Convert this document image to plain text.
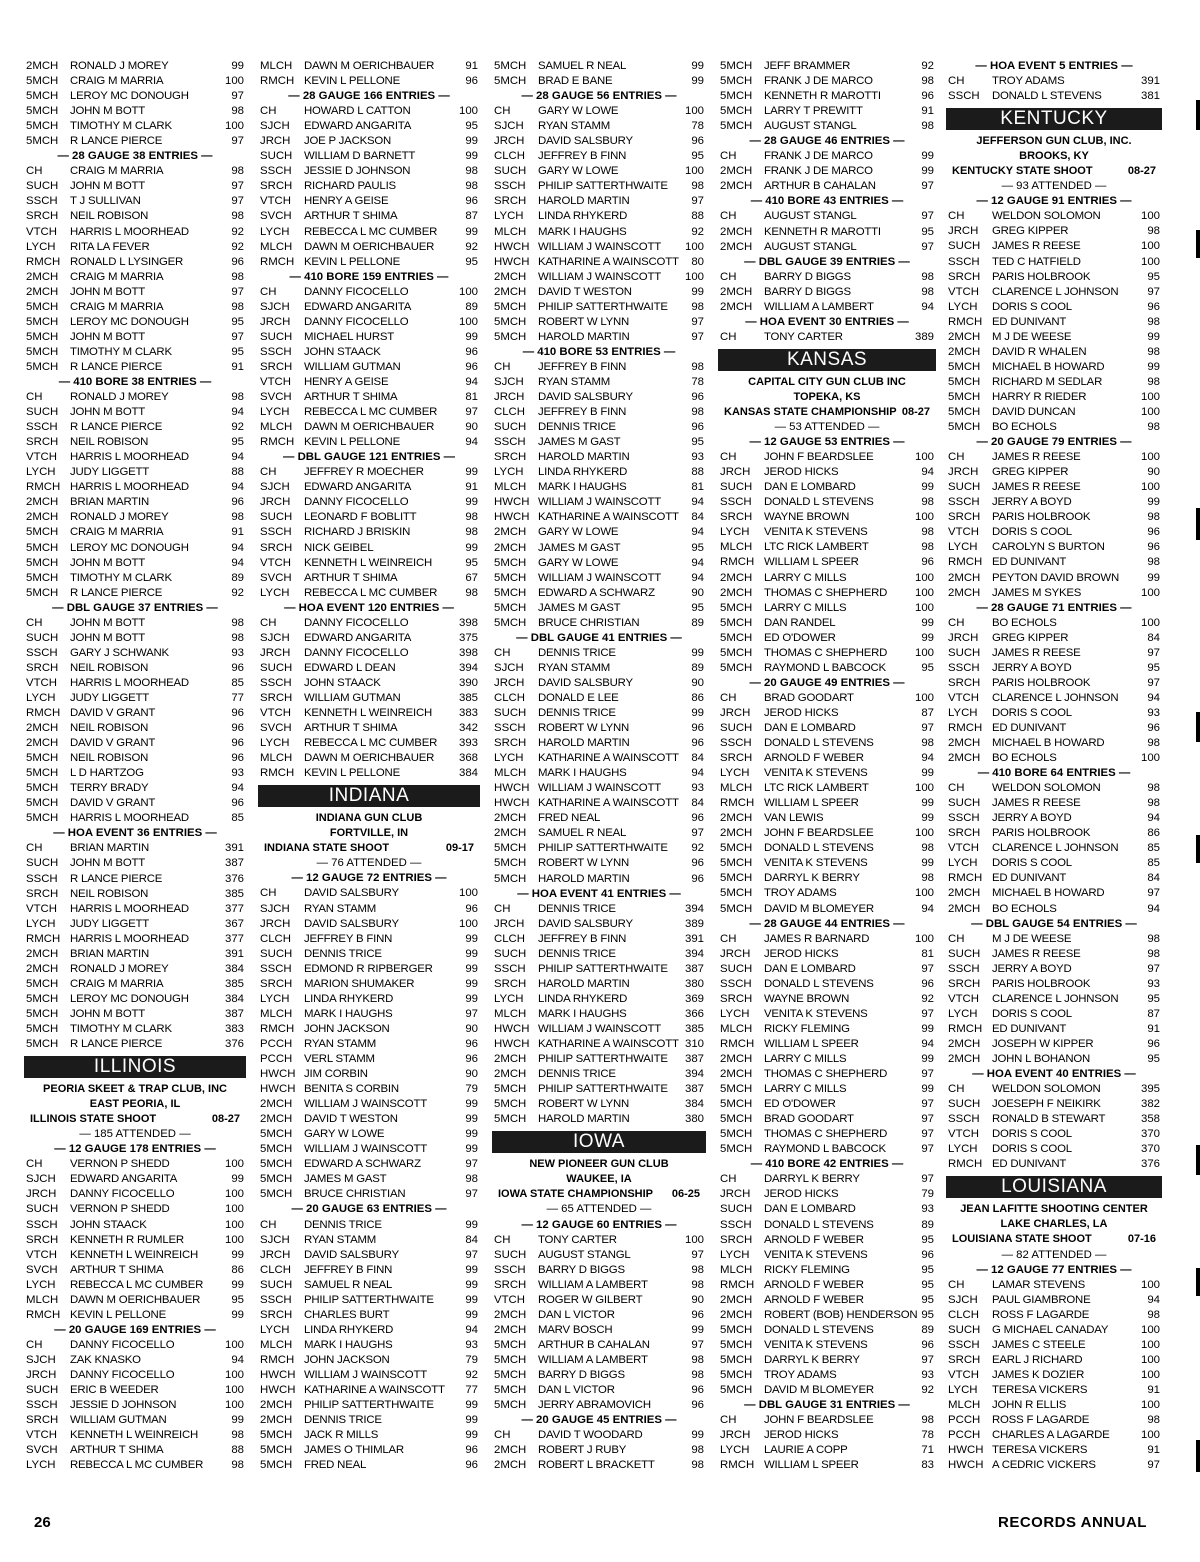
2MCH RONALD J MOREY	99
5MCH CRAIG M MARRIA	100
5MCH LEROY MC DONOUGH	97
5MCH JOHN M BOTT	98
5MCH TIMOTHY M CLARK	100
5MCH R LANCE PIERCE	97
— 28 GAUGE 38 ENTRIES —
CH CRAIG M MARRIA	98
SUCH JOHN M BOTT	97
SSCH T J SULLIVAN	97
SRCH NEIL ROBISON	98
VTCH HARRIS L MOORHEAD	92
LYCH RITA LA FEVER	92
RMCH RONALD L LYSINGER	96
2MCH CRAIG M MARRIA	98
2MCH JOHN M BOTT	97
5MCH CRAIG M MARRIA	98
5MCH LEROY MC DONOUGH	95
5MCH JOHN M BOTT	97
5MCH TIMOTHY M CLARK	95
5MCH R LANCE PIERCE	91
— 410 BORE 38 ENTRIES —
CH RONALD J MOREY	98
SUCH JOHN M BOTT	94
SSCH R LANCE PIERCE	92
SRCH NEIL ROBISON	95
VTCH HARRIS L MOORHEAD	94
LYCH JUDY LIGGETT	88
RMCH HARRIS L MOORHEAD	94
2MCH BRIAN MARTIN	96
2MCH RONALD J MOREY	98
5MCH CRAIG M MARRIA	91
5MCH LEROY MC DONOUGH	94
5MCH JOHN M BOTT	94
5MCH TIMOTHY M CLARK	89
5MCH R LANCE PIERCE	92
— DBL GAUGE 37 ENTRIES —
CH JOHN M BOTT	98
SUCH JOHN M BOTT	98
SSCH GARY J SCHWANK	93
SRCH NEIL ROBISON	96
VTCH HARRIS L MOORHEAD	85
LYCH JUDY LIGGETT	77
RMCH DAVID V GRANT	96
2MCH NEIL ROBISON	96
2MCH DAVID V GRANT	96
5MCH NEIL ROBISON	96
5MCH L D HARTZOG	93
5MCH TERRY BRADY	94
5MCH DAVID V GRANT	96
5MCH HARRIS L MOORHEAD	85
— HOA EVENT 36 ENTRIES —
CH BRIAN MARTIN	391
SUCH JOHN M BOTT	387
SSCH R LANCE PIERCE	376
SRCH NEIL ROBISON	385
VTCH HARRIS L MOORHEAD	377
LYCH JUDY LIGGETT	367
RMCH HARRIS L MOORHEAD	377
2MCH BRIAN MARTIN	391
2MCH RONALD J MOREY	384
5MCH CRAIG M MARRIA	385
5MCH LEROY MC DONOUGH	384
5MCH JOHN M BOTT	387
5MCH TIMOTHY M CLARK	383
5MCH R LANCE PIERCE	376
ILLINOIS
PEORIA SKEET & TRAP CLUB, INC
EAST PEORIA, IL
ILLINOIS STATE SHOOT	08-27
— 185 ATTENDED —
— 12 GAUGE 178 ENTRIES —
CH VERNON P SHEDD	100
SJCH EDWARD ANGARITA	99
JRCH DANNY FICOCELLO	100
SUCH VERNON P SHEDD	100
SSCH JOHN STAACK	100
SRCH KENNETH R RUMLER	100
VTCH KENNETH L WEINREICH	99
SVCH ARTHUR T SHIMA	86
LYCH REBECCA L MC CUMBER 99
MLCH DAWN M OERICHBAUER	95
RMCH KEVIN L PELLONE	99
— 20 GAUGE 169 ENTRIES —
CH DANNY FICOCELLO	100
SJCH ZAK KNASKO	94
JRCH DANNY FICOCELLO	100
SUCH ERIC B WEEDER	100
SSCH JESSIE D JOHNSON	100
SRCH WILLIAM GUTMAN	99
VTCH KENNETH L WEINREICH	98
SVCH ARTHUR T SHIMA	88
LYCH REBECCA L MC CUMBER 98
MLCH DAWN M OERICHBAUER	91
RMCH KEVIN L PELLONE	96
— 28 GAUGE 166 ENTRIES —
CH HOWARD L CATTON	100
SJCH EDWARD ANGARITA	95
JRCH JOE P JACKSON	99
SUCH WILLIAM D BARNETT	99
SSCH JESSIE D JOHNSON	98
SRCH RICHARD PAULIS	98
VTCH HENRY A GEISE	96
SVCH ARTHUR T SHIMA	87
LYCH REBECCA L MC CUMBER 99
MLCH DAWN M OERICHBAUER	92
RMCH KEVIN L PELLONE	95
— 410 BORE 159 ENTRIES —
CH DANNY FICOCELLO	100
SJCH EDWARD ANGARITA	89
JRCH DANNY FICOCELLO	100
SUCH MICHAEL HURST	99
SSCH JOHN STAACK	96
SRCH WILLIAM GUTMAN	96
VTCH HENRY A GEISE	94
SVCH ARTHUR T SHIMA	81
LYCH REBECCA L MC CUMBER 97
MLCH DAWN M OERICHBAUER	90
RMCH KEVIN L PELLONE	94
— DBL GAUGE 121 ENTRIES —
CH JEFFREY R MOECHER	99
SJCH EDWARD ANGARITA	91
JRCH DANNY FICOCELLO	99
SUCH LEONARD F BOBLITT	98
SSCH RICHARD J BRISKIN	98
SRCH NICK GEIBEL	99
VTCH KENNETH L WEINREICH	95
SVCH ARTHUR T SHIMA	67
LYCH REBECCA L MC CUMBER 98
— HOA EVENT 120 ENTRIES —
CH DANNY FICOCELLO	398
SJCH EDWARD ANGARITA	375
JRCH DANNY FICOCELLO	398
SUCH EDWARD L DEAN	394
SSCH JOHN STAACK	390
SRCH WILLIAM GUTMAN	385
VTCH KENNETH L WEINREICH 383
SVCH ARTHUR T SHIMA	342
LYCH REBECCA L MC CUMBER 393
MLCH DAWN M OERICHBAUER 368
RMCH KEVIN L PELLONE	384
INDIANA
INDIANA GUN CLUB
FORTVILLE, IN
INDIANA STATE SHOOT	09-17
— 76 ATTENDED —
— 12 GAUGE 72 ENTRIES —
CH DAVID SALSBURY	100
SJCH RYAN STAMM	96
JRCH DAVID SALSBURY	100
CLCH JEFFREY B FINN	99
SUCH DENNIS TRICE	99
SSCH EDMOND R RIPBERGER	99
SRCH MARION SHUMAKER	99
LYCH LINDA RHYKERD	99
MLCH MARK I HAUGHS	97
RMCH JOHN JACKSON	90
PCCH RYAN STAMM	96
PCCH VERL STAMM	96
HWCH JIM CORBIN	90
HWCH BENITA S CORBIN	79
2MCH WILLIAM J WAINSCOTT	99
2MCH DAVID T WESTON	99
5MCH GARY W LOWE	99
5MCH WILLIAM J WAINSCOTT	99
5MCH EDWARD A SCHWARZ	97
5MCH JAMES M GAST	98
5MCH BRUCE CHRISTIAN	97
— 20 GAUGE 63 ENTRIES —
CH DENNIS TRICE	99
SJCH RYAN STAMM	84
JRCH DAVID SALSBURY	97
CLCH JEFFREY B FINN	99
SUCH SAMUEL R NEAL	99
SSCH PHILIP SATTERTHWAITE	99
SRCH CHARLES BURT	99
LYCH LINDA RHYKERD	94
MLCH MARK I HAUGHS	93
RMCH JOHN JACKSON	79
HWCH WILLIAM J WAINSCOTT	92
HWCH KATHARINE A WAINSCOTT 77
2MCH PHILIP SATTERTHWAITE	99
2MCH DENNIS TRICE	99
5MCH JACK R MILLS	99
5MCH JAMES O THIMLAR	96
5MCH FRED NEAL	96
5MCH SAMUEL R NEAL	99
5MCH BRAD E BANE	99
— 28 GAUGE 56 ENTRIES —
CH GARY W LOWE	100
SJCH RYAN STAMM	78
JRCH DAVID SALSBURY	96
CLCH JEFFREY B FINN	95
SUCH GARY W LOWE	100
SSCH PHILIP SATTERTHWAITE 98
SRCH HAROLD MARTIN	97
LYCH LINDA RHYKERD	88
MLCH MARK I HAUGHS	92
HWCH WILLIAM J WAINSCOTT 100
HWCH KATHARINE A WAINSCOTT 80
2MCH WILLIAM J WAINSCOTT 100
2MCH DAVID T WESTON	99
5MCH PHILIP SATTERTHWAITE 98
5MCH ROBERT W LYNN	97
5MCH HAROLD MARTIN	97
— 410 BORE 53 ENTRIES —
CH JEFFREY B FINN	98
SJCH RYAN STAMM	78
JRCH DAVID SALSBURY	96
CLCH JEFFREY B FINN	98
SUCH DENNIS TRICE	96
SSCH JAMES M GAST	95
SRCH HAROLD MARTIN	93
LYCH LINDA RHYKERD	88
MLCH MARK I HAUGHS	81
HWCH WILLIAM J WAINSCOTT	94
HWCH KATHARINE A WAINSCOTT 84
2MCH GARY W LOWE	94
2MCH JAMES M GAST	95
5MCH GARY W LOWE	94
5MCH WILLIAM J WAINSCOTT	94
5MCH EDWARD A SCHWARZ	90
5MCH JAMES M GAST	95
5MCH BRUCE CHRISTIAN	89
— DBL GAUGE 41 ENTRIES —
CH DENNIS TRICE	99
SJCH RYAN STAMM	89
JRCH DAVID SALSBURY	90
CLCH DONALD E LEE	86
SUCH DENNIS TRICE	99
SSCH ROBERT W LYNN	96
SRCH HAROLD MARTIN	96
LYCH KATHARINE A WAINSCOTT 84
MLCH MARK I HAUGHS	94
HWCH WILLIAM J WAINSCOTT	93
HWCH KATHARINE A WAINSCOTT 84
2MCH FRED NEAL	96
2MCH SAMUEL R NEAL	97
5MCH PHILIP SATTERTHWAITE 92
5MCH ROBERT W LYNN	96
5MCH HAROLD MARTIN	96
— HOA EVENT 41 ENTRIES —
CH DENNIS TRICE	394
JRCH DAVID SALSBURY	389
CLCH JEFFREY B FINN	391
SUCH DENNIS TRICE	394
SSCH PHILIP SATTERTHWAITE 387
SRCH HAROLD MARTIN	380
LYCH LINDA RHYKERD	369
MLCH MARK I HAUGHS	366
HWCH WILLIAM J WAINSCOTT 385
HWCH KATHARINE A WAINSCOTT 310
2MCH PHILIP SATTERTHWAITE 387
2MCH DENNIS TRICE	394
5MCH PHILIP SATTERTHWAITE 387
5MCH ROBERT W LYNN	384
5MCH HAROLD MARTIN	380
IOWA
NEW PIONEER GUN CLUB
WAUKEE, IA
IOWA STATE CHAMPIONSHIP 06-25
— 65 ATTENDED —
— 12 GAUGE 60 ENTRIES —
CH TONY CARTER	100
SUCH AUGUST STANGL	97
SSCH BARRY D BIGGS	98
SRCH WILLIAM A LAMBERT	98
VTCH ROGER W GILBERT	90
2MCH DAN L VICTOR	96
2MCH MARV BOSCH	99
5MCH ARTHUR B CAHALAN	97
5MCH WILLIAM A LAMBERT	98
5MCH BARRY D BIGGS	98
5MCH DAN L VICTOR	96
5MCH JERRY ABRAMOVICH	96
— 20 GAUGE 45 ENTRIES —
CH DAVID T WOODARD	99
2MCH ROBERT J RUBY	98
2MCH ROBERT L BRACKETT	98
5MCH JEFF BRAMMER	92
5MCH FRANK J DE MARCO	98
5MCH KENNETH R MAROTTI	96
5MCH LARRY T PREWITT	91
5MCH AUGUST STANGL	98
— 28 GAUGE 46 ENTRIES —
CH FRANK J DE MARCO	99
2MCH FRANK J DE MARCO	99
2MCH ARTHUR B CAHALAN	97
— 410 BORE 43 ENTRIES —
CH AUGUST STANGL	97
2MCH KENNETH R MAROTTI	95
2MCH AUGUST STANGL	97
— DBL GAUGE 39 ENTRIES —
CH BARRY D BIGGS	98
2MCH BARRY D BIGGS	98
2MCH WILLIAM A LAMBERT	94
— HOA EVENT 30 ENTRIES —
CH TONY CARTER	389
KANSAS
CAPITAL CITY GUN CLUB INC
TOPEKA, KS
KANSAS STATE CHAMPIONSHIP 08-27
— 53 ATTENDED —
— 12 GAUGE 53 ENTRIES —
CH JOHN F BEARDSLEE	100
JRCH JEROD HICKS	94
SUCH DAN E LOMBARD	99
SSCH DONALD L STEVENS	98
SRCH WAYNE BROWN	100
LYCH VENITA K STEVENS	98
MLCH LTC RICK LAMBERT	98
RMCH WILLIAM L SPEER	96
2MCH LARRY C MILLS	100
2MCH THOMAS C SHEPHERD 100
5MCH LARRY C MILLS	100
5MCH DAN RANDEL	99
5MCH ED O'DOWER	99
5MCH THOMAS C SHEPHERD 100
5MCH RAYMOND L BABCOCK	95
— 20 GAUGE 49 ENTRIES —
CH BRAD GOODART	100
JRCH JEROD HICKS	87
SUCH DAN E LOMBARD	97
SSCH DONALD L STEVENS	98
SRCH ARNOLD F WEBER	94
LYCH VENITA K STEVENS	99
MLCH LTC RICK LAMBERT	100
RMCH WILLIAM L SPEER	99
2MCH VAN LEWIS	99
2MCH JOHN F BEARDSLEE	100
5MCH DONALD L STEVENS	98
5MCH VENITA K STEVENS	99
5MCH DARRYL K BERRY	98
5MCH TROY ADAMS	100
5MCH DAVID M BLOMEYER	94
— 28 GAUGE 44 ENTRIES —
CH JAMES R BARNARD	100
JRCH JEROD HICKS	81
SUCH DAN E LOMBARD	97
SSCH DONALD L STEVENS	96
SRCH WAYNE BROWN	92
LYCH VENITA K STEVENS	97
MLCH RICKY FLEMING	99
RMCH WILLIAM L SPEER	94
2MCH LARRY C MILLS	99
2MCH THOMAS C SHEPHERD	97
5MCH LARRY C MILLS	99
5MCH ED O'DOWER	97
5MCH BRAD GOODART	97
5MCH THOMAS C SHEPHERD	97
5MCH RAYMOND L BABCOCK	97
— 410 BORE 42 ENTRIES —
CH DARRYL K BERRY	97
JRCH JEROD HICKS	79
SUCH DAN E LOMBARD	93
SSCH DONALD L STEVENS	89
SRCH ARNOLD F WEBER	95
LYCH VENITA K STEVENS	96
MLCH RICKY FLEMING	95
RMCH ARNOLD F WEBER	95
2MCH ARNOLD F WEBER	95
2MCH ROBERT (BOB) HENDERSON 95
5MCH DONALD L STEVENS	89
5MCH VENITA K STEVENS	96
5MCH DARRYL K BERRY	97
5MCH TROY ADAMS	93
5MCH DAVID M BLOMEYER	92
— DBL GAUGE 31 ENTRIES —
CH JOHN F BEARDSLEE	98
JRCH JEROD HICKS	78
LYCH LAURIE A COPP	71
RMCH WILLIAM L SPEER	83
— HOA EVENT 5 ENTRIES —
CH TROY ADAMS	391
SSCH DONALD L STEVENS	381
KENTUCKY
JEFFERSON GUN CLUB, INC.
BROOKS, KY
KENTUCKY STATE SHOOT	08-27
— 93 ATTENDED —
— 12 GAUGE 91 ENTRIES —
CH WELDON SOLOMON	100
JRCH GREG KIPPER	98
SUCH JAMES R REESE	100
SSCH TED C HATFIELD	100
SRCH PARIS HOLBROOK	95
VTCH CLARENCE L JOHNSON	97
LYCH DORIS S COOL	96
RMCH ED DUNIVANT	98
2MCH M J DE WEESE	99
2MCH DAVID R WHALEN	98
5MCH MICHAEL B HOWARD	99
5MCH RICHARD M SEDLAR	98
5MCH HARRY R RIEDER	100
5MCH DAVID DUNCAN	100
5MCH BO ECHOLS	98
— 20 GAUGE 79 ENTRIES —
CH JAMES R REESE	100
JRCH GREG KIPPER	90
SUCH JAMES R REESE	100
SSCH JERRY A BOYD	99
SRCH PARIS HOLBROOK	98
VTCH DORIS S COOL	96
LYCH CAROLYN S BURTON	96
RMCH ED DUNIVANT	98
2MCH PEYTON DAVID BROWN 99
2MCH JAMES M SYKES	100
— 28 GAUGE 71 ENTRIES —
CH BO ECHOLS	100
JRCH GREG KIPPER	84
SUCH JAMES R REESE	97
SSCH JERRY A BOYD	95
SRCH PARIS HOLBROOK	97
VTCH CLARENCE L JOHNSON	94
LYCH DORIS S COOL	93
RMCH ED DUNIVANT	96
2MCH MICHAEL B HOWARD	98
2MCH BO ECHOLS	100
— 410 BORE 64 ENTRIES —
CH WELDON SOLOMON	98
SUCH JAMES R REESE	98
SSCH JERRY A BOYD	94
SRCH PARIS HOLBROOK	86
VTCH CLARENCE L JOHNSON	85
LYCH DORIS S COOL	85
RMCH ED DUNIVANT	84
2MCH MICHAEL B HOWARD	97
2MCH BO ECHOLS	94
— DBL GAUGE 54 ENTRIES —
CH M J DE WEESE	98
SUCH JAMES R REESE	98
SSCH JERRY A BOYD	97
SRCH PARIS HOLBROOK	93
VTCH CLARENCE L JOHNSON	95
LYCH DORIS S COOL	87
RMCH ED DUNIVANT	91
2MCH JOSEPH W KIPPER	96
2MCH JOHN L BOHANON	95
— HOA EVENT 40 ENTRIES —
CH WELDON SOLOMON	395
SUCH JOESEPH F NEIKIRK	382
SSCH RONALD B STEWART	358
VTCH DORIS S COOL	370
LYCH DORIS S COOL	370
RMCH ED DUNIVANT	376
LOUISIANA
JEAN LAFITTE SHOOTING CENTER
LAKE CHARLES, LA
LOUISIANA STATE SHOOT	07-16
— 82 ATTENDED —
— 12 GAUGE 77 ENTRIES —
CH LAMAR STEVENS	100
SJCH PAUL GIAMBRONE	94
CLCH ROSS F LAGARDE	98
SUCH G MICHAEL CANADAY	100
SSCH JAMES C STEELE	100
SRCH EARL J RICHARD	100
VTCH JAMES K DOZIER	100
LYCH TERESA VICKERS	91
MLCH JOHN R ELLIS	100
PCCH ROSS F LAGARDE	98
PCCH CHARLES A LAGARDE	100
HWCH TERESA VICKERS	91
HWCH A CEDRIC VICKERS	97
26	RECORDS ANNUAL
